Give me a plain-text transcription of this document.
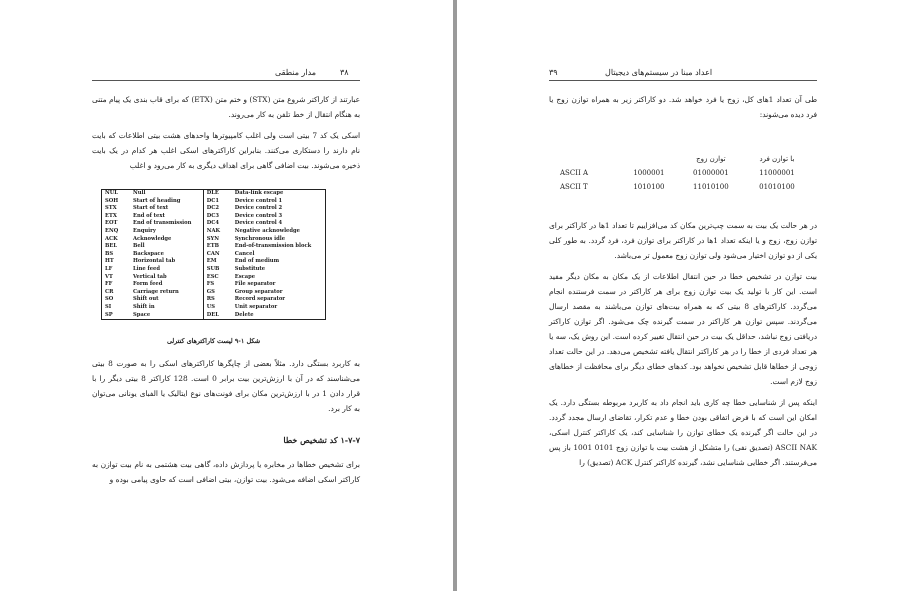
۳۸
مدار منطقی

عبارتند از کاراکتر شروع متن (STX) و ختم متن (ETX) که برای قاب بندی یک پیام متنی به هنگام انتقال از خط تلفن به کار می‌روند.

اسکی یک کد 7 بیتی است ولی اغلب کامپیوترها واحدهای هشت بیتی اطلاعات که بایت نام دارند را دستکاری می‌کنند. بنابراین کاراکترهای اسکی اغلب هر کدام در یک بایت ذخیره می‌شوند. بیت اضافی گاهی برای اهداف دیگری به کار می‌رود و اغلب

NUL	Null	DLE	Data-link escape
SOH	Start of heading	DC1	Device control 1
STX	Start of text	DC2	Device control 2
ETX	End of text	DC3	Device control 3
EOT	End of transmission	DC4	Device control 4
ENQ	Enquiry	NAK	Negative acknowledge
ACK	Acknowledge	SYN	Synchronous idle
BEL	Bell	ETB	End-of-transmission block
BS	Backspace	CAN	Cancel
HT	Horizontal tab	EM	End of medium
LF	Line feed	SUB	Substitute
VT	Vertical tab	ESC	Escape
FF	Form feed	FS	File separator
CR	Carriage return	GS	Group separator
SO	Shift out	RS	Record separator
SI	Shift in	US	Unit separator
SP	Space	DEL	Delete
شکل ۱-۹ لیست کاراکترهای کنترلی

به کاربرد بستگی دارد. مثلاً بعضی از چاپگرها کاراکترهای اسکی را به صورت 8 بیتی می‌شناسند که در آن با ارزش‌ترین بیت برابر 0 است. 128 کاراکتر 8 بیتی دیگر را با قرار دادن 1 در با ارزش‌ترین مکان برای فونت‌های نوع ایتالیک یا الفبای یونانی می‌توان به کار برد.

۱-۷-۷ کد تشخیص خطا

برای تشخیص خطاها در مخابره یا پردازش داده، گاهی بیت هشتمی به نام بیت توازن به کاراکتر اسکی اضافه می‌شود. بیت توازن، بیتی اضافی است که حاوی پیامی بوده و

۳۹	اعداد مبنا در سیستم‌های دیجیتال
طی آن تعداد 1های کل، زوج یا فرد خواهد شد. دو کاراکتر زیر به همراه توازن زوج یا فرد دیده می‌شوند:
		توازن زوج	با توازن فرد
ASCII A	1000001	01000001	11000001
ASCII T	1010100	11010100	01010100

در هر حالت یک بیت به سمت چپ‌ترین مکان کد می‌افزاییم تا تعداد 1ها در کاراکتر برای توازن زوج، زوج و یا اینکه تعداد 1ها در کاراکتر برای توازن فرد، فرد گردد. به طور کلی یکی از دو توازن اختیار می‌شود ولی توازن زوج معمول تر می‌باشد.

بیت توازن در تشخیص خطا در حین انتقال اطلاعات از یک مکان به مکان دیگر مفید است. این کار با تولید یک بیت توازن زوج برای هر کاراکتر در سمت فرستنده انجام می‌گردد. کاراکترهای 8 بیتی که به همراه بیت‌های توازن می‌باشند به مقصد ارسال می‌گردند. سپس توازن هر کاراکتر در سمت گیرنده چک می‌شود. اگر توازن کاراکتر دریافتی زوج نباشد، حداقل یک بیت در حین انتقال تغییر کرده است. این روش یک، سه یا هر تعداد فردی از خطا را در هر کاراکتر انتقال یافته تشخیص می‌دهد. در این حالت تعداد زوجی از خطاها قابل تشخیص نخواهد بود. کدهای خطای دیگر برای محافظت از خطاهای زوج لازم است.

اینکه پس از شناسایی خطا چه کاری باید انجام داد به کاربرد مربوطه بستگی دارد. یک امکان این است که با فرض اتفاقی بودن خطا و عدم تکرار، تقاضای ارسال مجدد گردد. در این حالت اگر گیرنده یک خطای توازن را شناسایی کند، یک کاراکتر کنترل اسکی، ASCII NAK (تصدیق نفی) را متشکل از هشت بیت با توازن زوج 0101 1001 باز پس می‌فرستند. اگر خطایی شناسایی نشد، گیرنده کاراکتر کنترل ACK (تصدیق) را
